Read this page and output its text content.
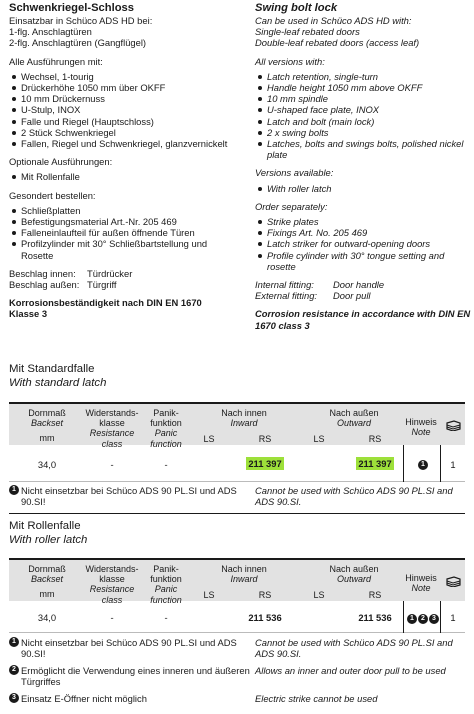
Schwenkriegel-Schloss
Einsatzbar in Schüco ADS HD bei:
1-flg. Anschlagtüren
2-flg. Anschlagtüren (Gangflügel)
Alle Ausführungen mit:
Wechsel, 1-tourig
Drückerhöhe 1050 mm über OKFF
10 mm Drückernuss
U-Stulp, INOX
Falle und Riegel (Hauptschloss)
2 Stück Schwenkriegel
Fallen, Riegel und Schwenkriegel, glanzvernickelt
Optionale Ausführungen:
Mit Rollenfalle
Gesondert bestellen:
Schließplatten
Befestigungsmaterial Art.-Nr. 205 469
Falleneinlaufteil für außen öffnende Türen
Profilzylinder mit 30° Schließbartstellung und Rosette
Beschlag innen:	Türdrücker
Beschlag außen: Türgriff
Korrosionsbeständigkeit nach DIN EN 1670 Klasse 3
Swing bolt lock
Can be used in Schüco ADS HD with:
Single-leaf rebated doors
Double-leaf rebated doors (access leaf)
All versions with:
Latch retention, single-turn
Handle height 1050 mm above OKFF
10 mm spindle
U-shaped face plate, INOX
Latch and bolt (main lock)
2 x swing bolts
Latches, bolts and swings bolts, polished nickel plate
Versions available:
With roller latch
Order separately:
Strike plates
Fixings Art. No. 205 469
Latch striker for outward-opening doors
Profile cylinder with 30° tongue setting and rosette
Internal fitting:	Door handle
External fitting:	Door pull
Corrosion resistance in accordance with DIN EN 1670 class 3
Mit Standardfalle
With standard latch
Dornmaß
Backset
mm
Widerstands-klasse
Resistance class
Panik-funktion
Panic function
Nach innen
Inward
LS	RS
Nach außen
Outward
LS	RS
Hinweis
Note
34,0	-	-	211 397	211 397	1	1
1 Nicht einsetzbar bei Schüco ADS 90 PL.SI und ADS 90.SI!
Cannot be used with Schüco ADS 90 PL.SI and ADS 90.SI.
Mit Rollenfalle
With roller latch
Dornmaß
Backset
mm
Widerstands-klasse
Resistance class
Panik-funktion
Panic function
Nach innen
Inward
LS	RS
Nach außen
Outward
LS	RS
Hinweis
Note
34,0	-	-	211 536	211 536	1 2 3	1
1 Nicht einsetzbar bei Schüco ADS 90 PL.SI und ADS 90.SI!
Cannot be used with Schüco ADS 90 PL.SI and ADS 90.SI.
2 Ermöglicht die Verwendung eines inneren und äußeren Türgriffes
Allows an inner and outer door pull to be used
3 Einsatz E-Öffner nicht möglich	Electric strike cannot be used
